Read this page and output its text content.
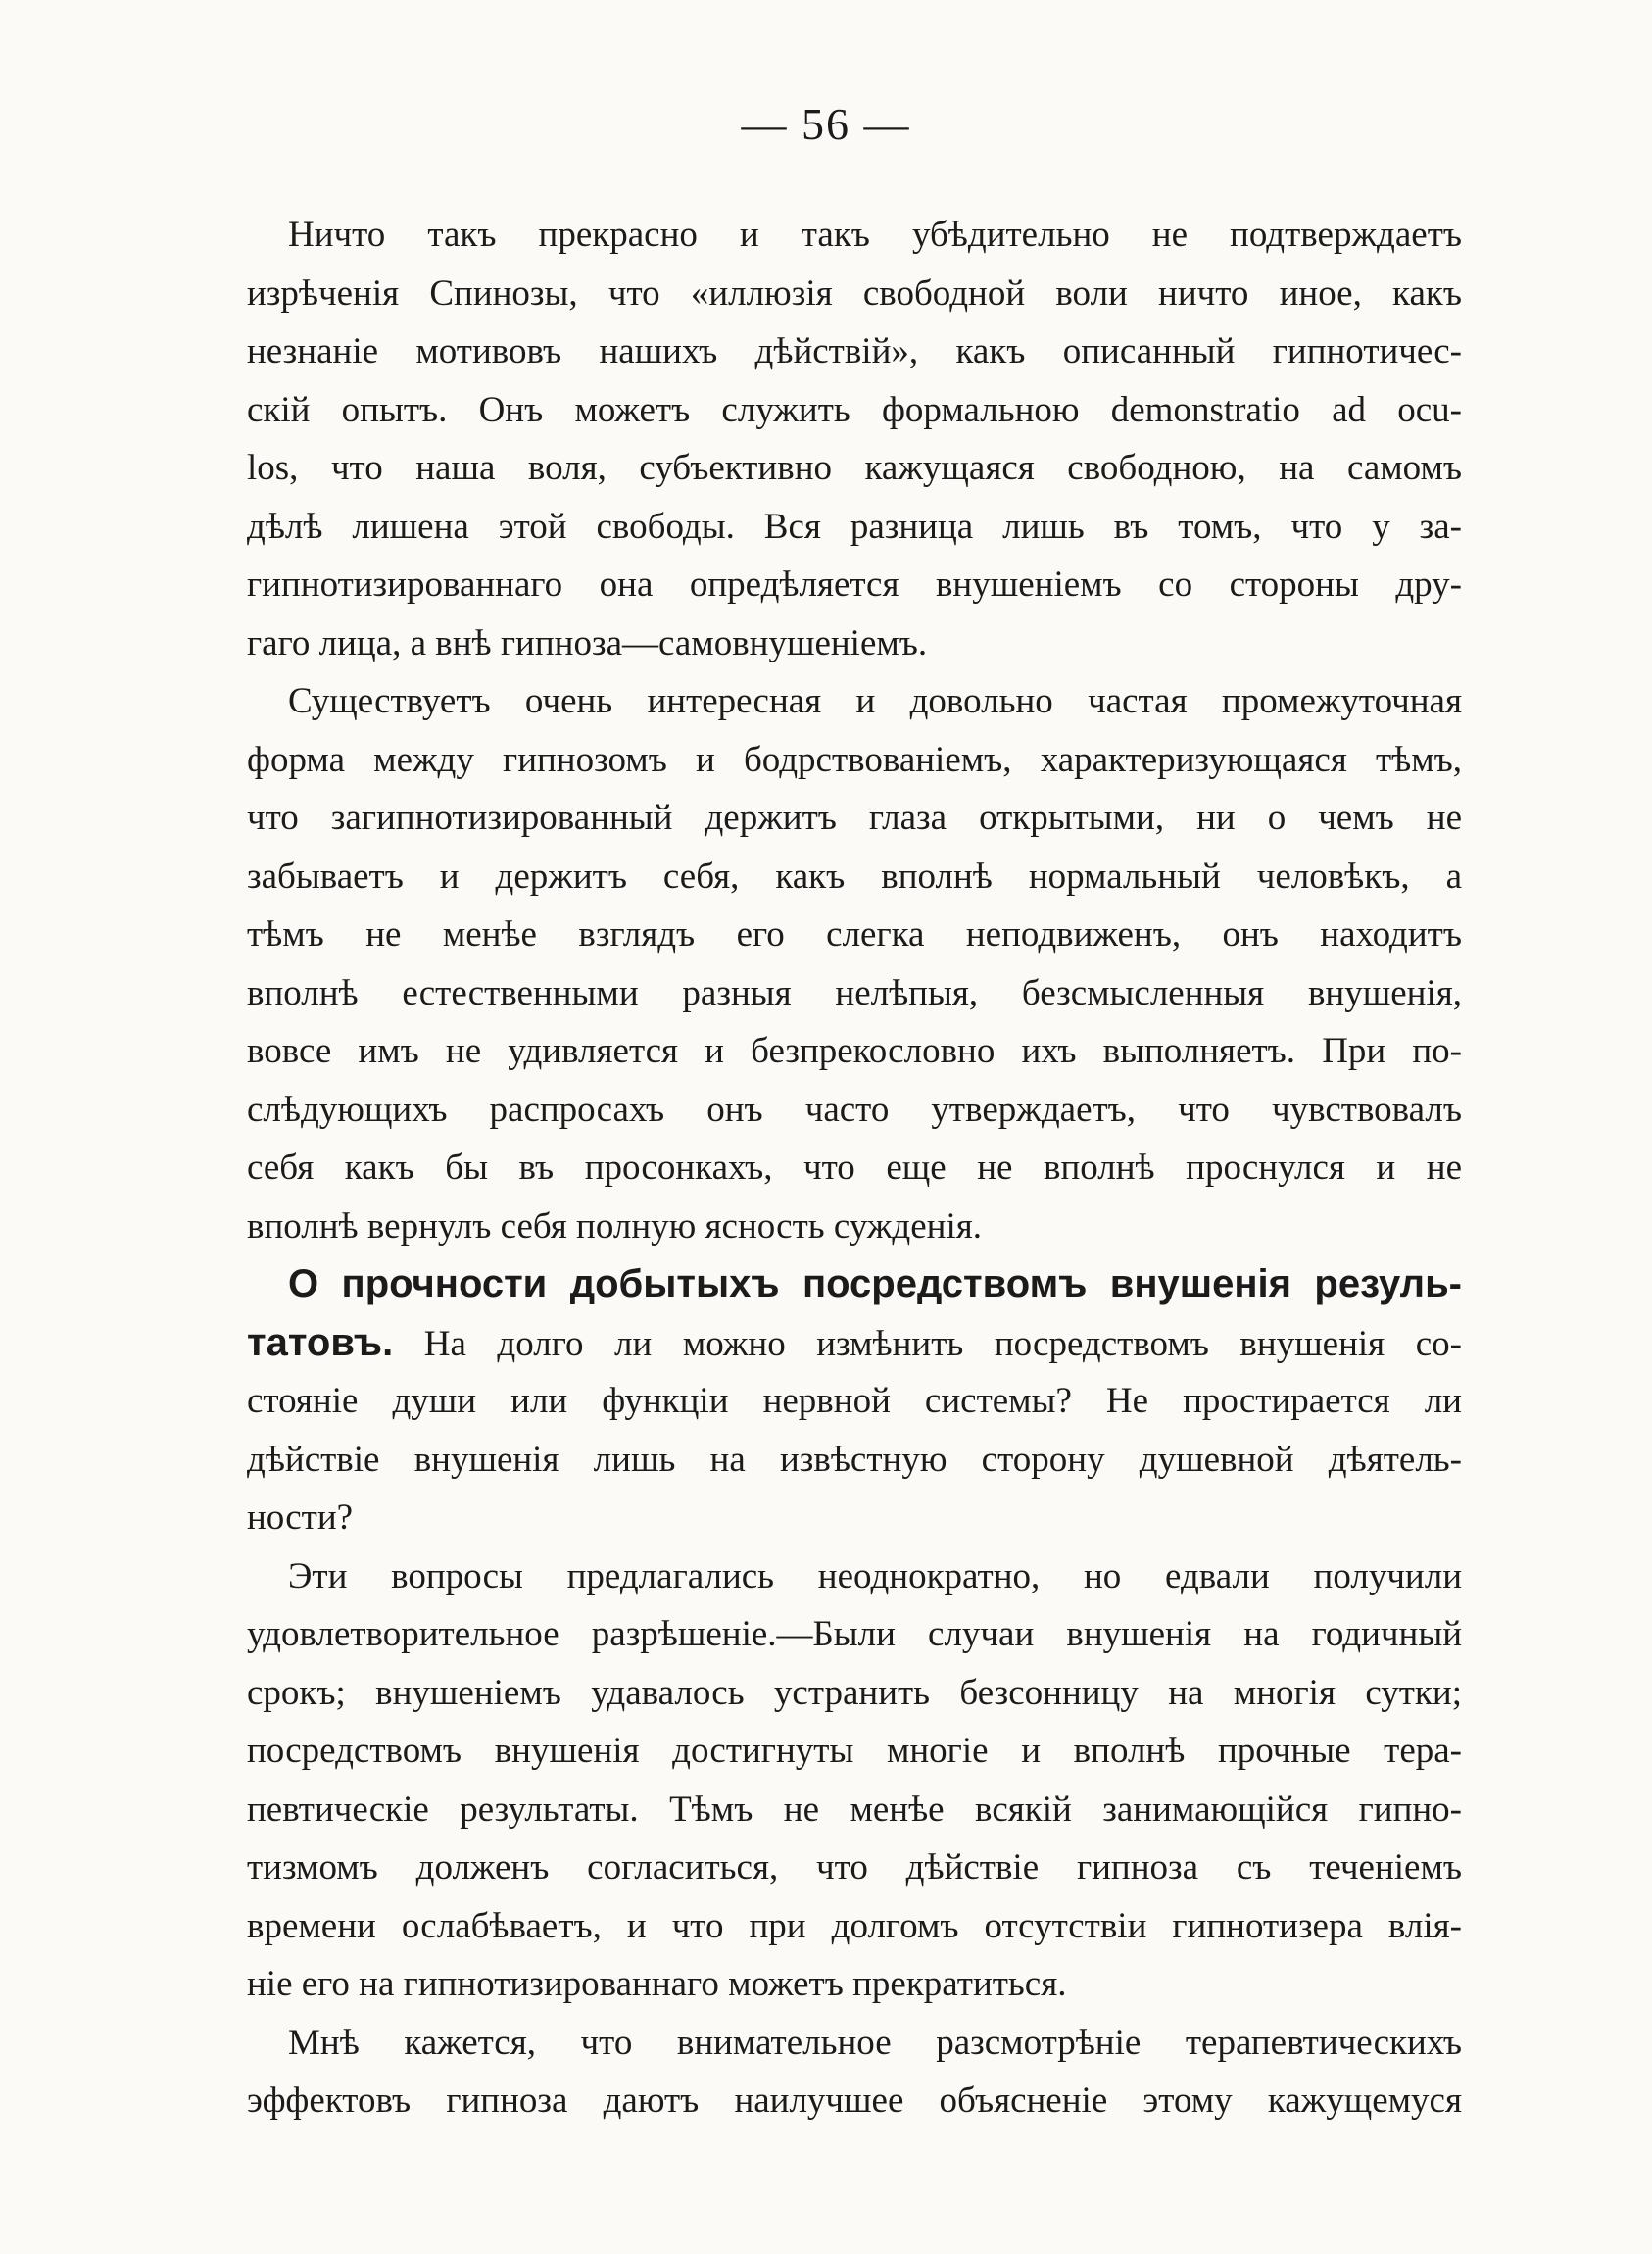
— 56 —
Ничто такъ прекрасно и такъ убѣдительно не подтверждаетъ
изрѣченія Спинозы, что «иллюзія свободной воли ничто иное, какъ
незнаніе мотивовъ нашихъ дѣйствій», какъ описанный гипнотичес-
скій опытъ. Онъ можетъ служить формальною demonstratio ad ocu-
los, что наша воля, субъективно кажущаяся свободною, на самомъ
дѣлѣ лишена этой свободы. Вся разница лишь въ томъ, что у за-
гипнотизированнаго она опредѣляется внушеніемъ со стороны дру-
гаго лица, а внѣ гипноза—самовнушеніемъ.
Существуетъ очень интересная и довольно частая промежуточная
форма между гипнозомъ и бодрствованіемъ, характеризующаяся тѣмъ,
что загипнотизированный держитъ глаза открытыми, ни о чемъ не
забываетъ и держитъ себя, какъ вполнѣ нормальный человѣкъ, а
тѣмъ не менѣе взглядъ его слегка неподвиженъ, онъ находитъ
вполнѣ естественными разныя нелѣпыя, безсмысленныя внушенія,
вовсе имъ не удивляется и безпрекословно ихъ выполняетъ. При по-
слѣдующихъ распросахъ онъ часто утверждаетъ, что чувствовалъ
себя какъ бы въ просонкахъ, что еще не вполнѣ проснулся и не
вполнѣ вернулъ себя полную ясность сужденія.
О прочности добытыхъ посредствомъ внушенія резуль-
татовъ. На долго ли можно измѣнить посредствомъ внушенія со-
стояніе души или функціи нервной системы? Не простирается ли
дѣйствіе внушенія лишь на извѣстную сторону душевной дѣятель-
ности?
Эти вопросы предлагались неоднократно, но едвали получили
удовлетворительное разрѣшеніе.—Были случаи внушенія на годичный
срокъ; внушеніемъ удавалось устранить безсонницу на многія сутки;
посредствомъ внушенія достигнуты многіе и вполнѣ прочные тера-
певтическіе результаты. Тѣмъ не менѣе всякій занимающійся гипно-
тизмомъ долженъ согласиться, что дѣйствіе гипноза съ теченіемъ
времени ослабѣваетъ, и что при долгомъ отсутствіи гипнотизера влія-
ніе его на гипнотизированнаго можетъ прекратиться.
Мнѣ кажется, что внимательное разсмотрѣніе терапевтическихъ
эффектовъ гипноза даютъ наилучшее объясненіе этому кажущемуся
